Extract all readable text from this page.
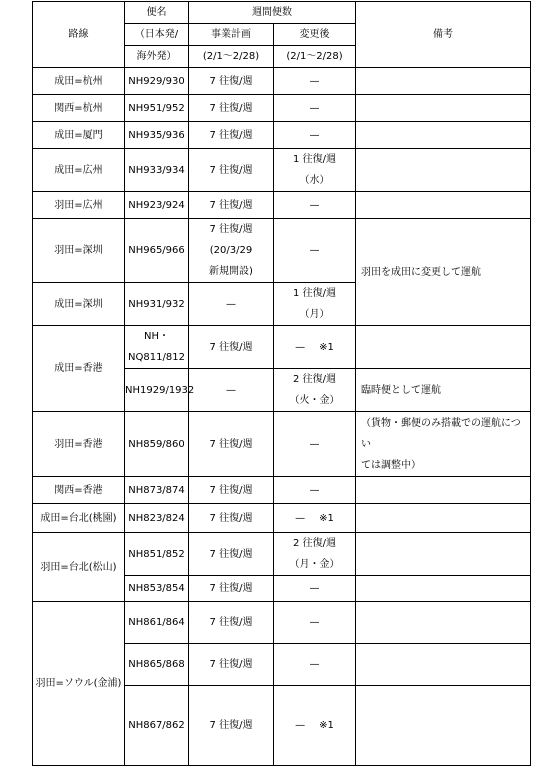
路線	便名	週間便数		備考
	（日本発/	事業計画	変更後	
	海外発）	(2/1〜2/28)	(2/1〜2/28)	
成田=杭州	NH929/930	7 往復/週	—	
関西=杭州	NH951/952	7 往復/週	—	
成田=厦門	NH935/936	7 往復/週	—	
成田=広州	NH933/934	7 往復/週	1 往復/週
（水）	

羽田=広州	NH923/924	7 往復/週	—	
羽田=深圳	NH965/966	7 往復/週
(20/3/29
新規開設)	—	羽田を成田に変更して運航
成田=深圳	NH931/932	—	1 往復/週
（月）	

成田=香港	NH・
NQ811/812	7 往復/週	— ※1	
	NH1929/1932	—	2 往復/週
（火・金）	臨時便として運航
羽田=香港	NH859/860	7 往復/週	—	（貨物・郵便のみ搭載での運航につい
ては調整中）

関西=香港	NH873/874	7 往復/週	—	
成田=台北(桃園)	NH823/824	7 往復/週	— ※1	
羽田=台北(松山)	NH851/852	7 往復/週	2 往復/週
（月・金）	

	NH853/854	7 往復/週	—	
羽田=ソウル(金浦)	NH861/864	7 往復/週	—	
	NH865/868	7 往復/週	—	
	NH867/862	7 往復/週	— ※1	
